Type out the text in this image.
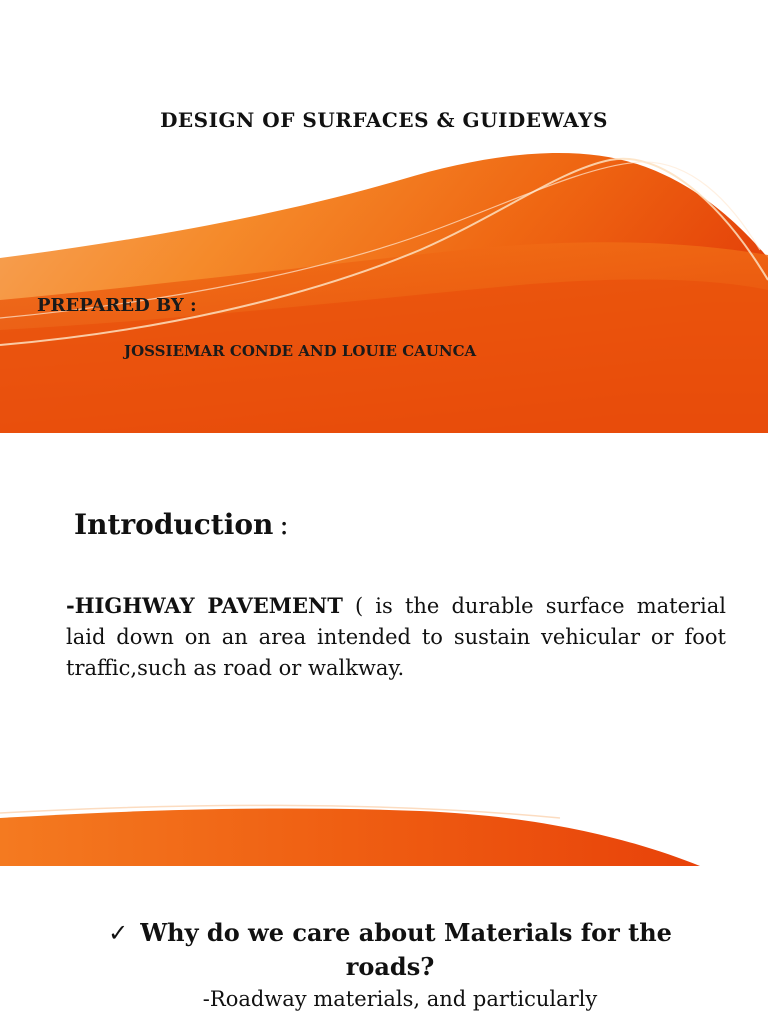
DESIGN OF SURFACES & GUIDEWAYS
PREPARED BY :
JOSSIEMAR CONDE AND LOUIE CAUNCA
Introduction :

-HIGHWAY PAVEMENT ( is the durable surface material laid down on an area intended to sustain vehicular or foot traffic,such as road or walkway.

✓ Why do we care about Materials for the roads?
-Roadway materials, and particularly
